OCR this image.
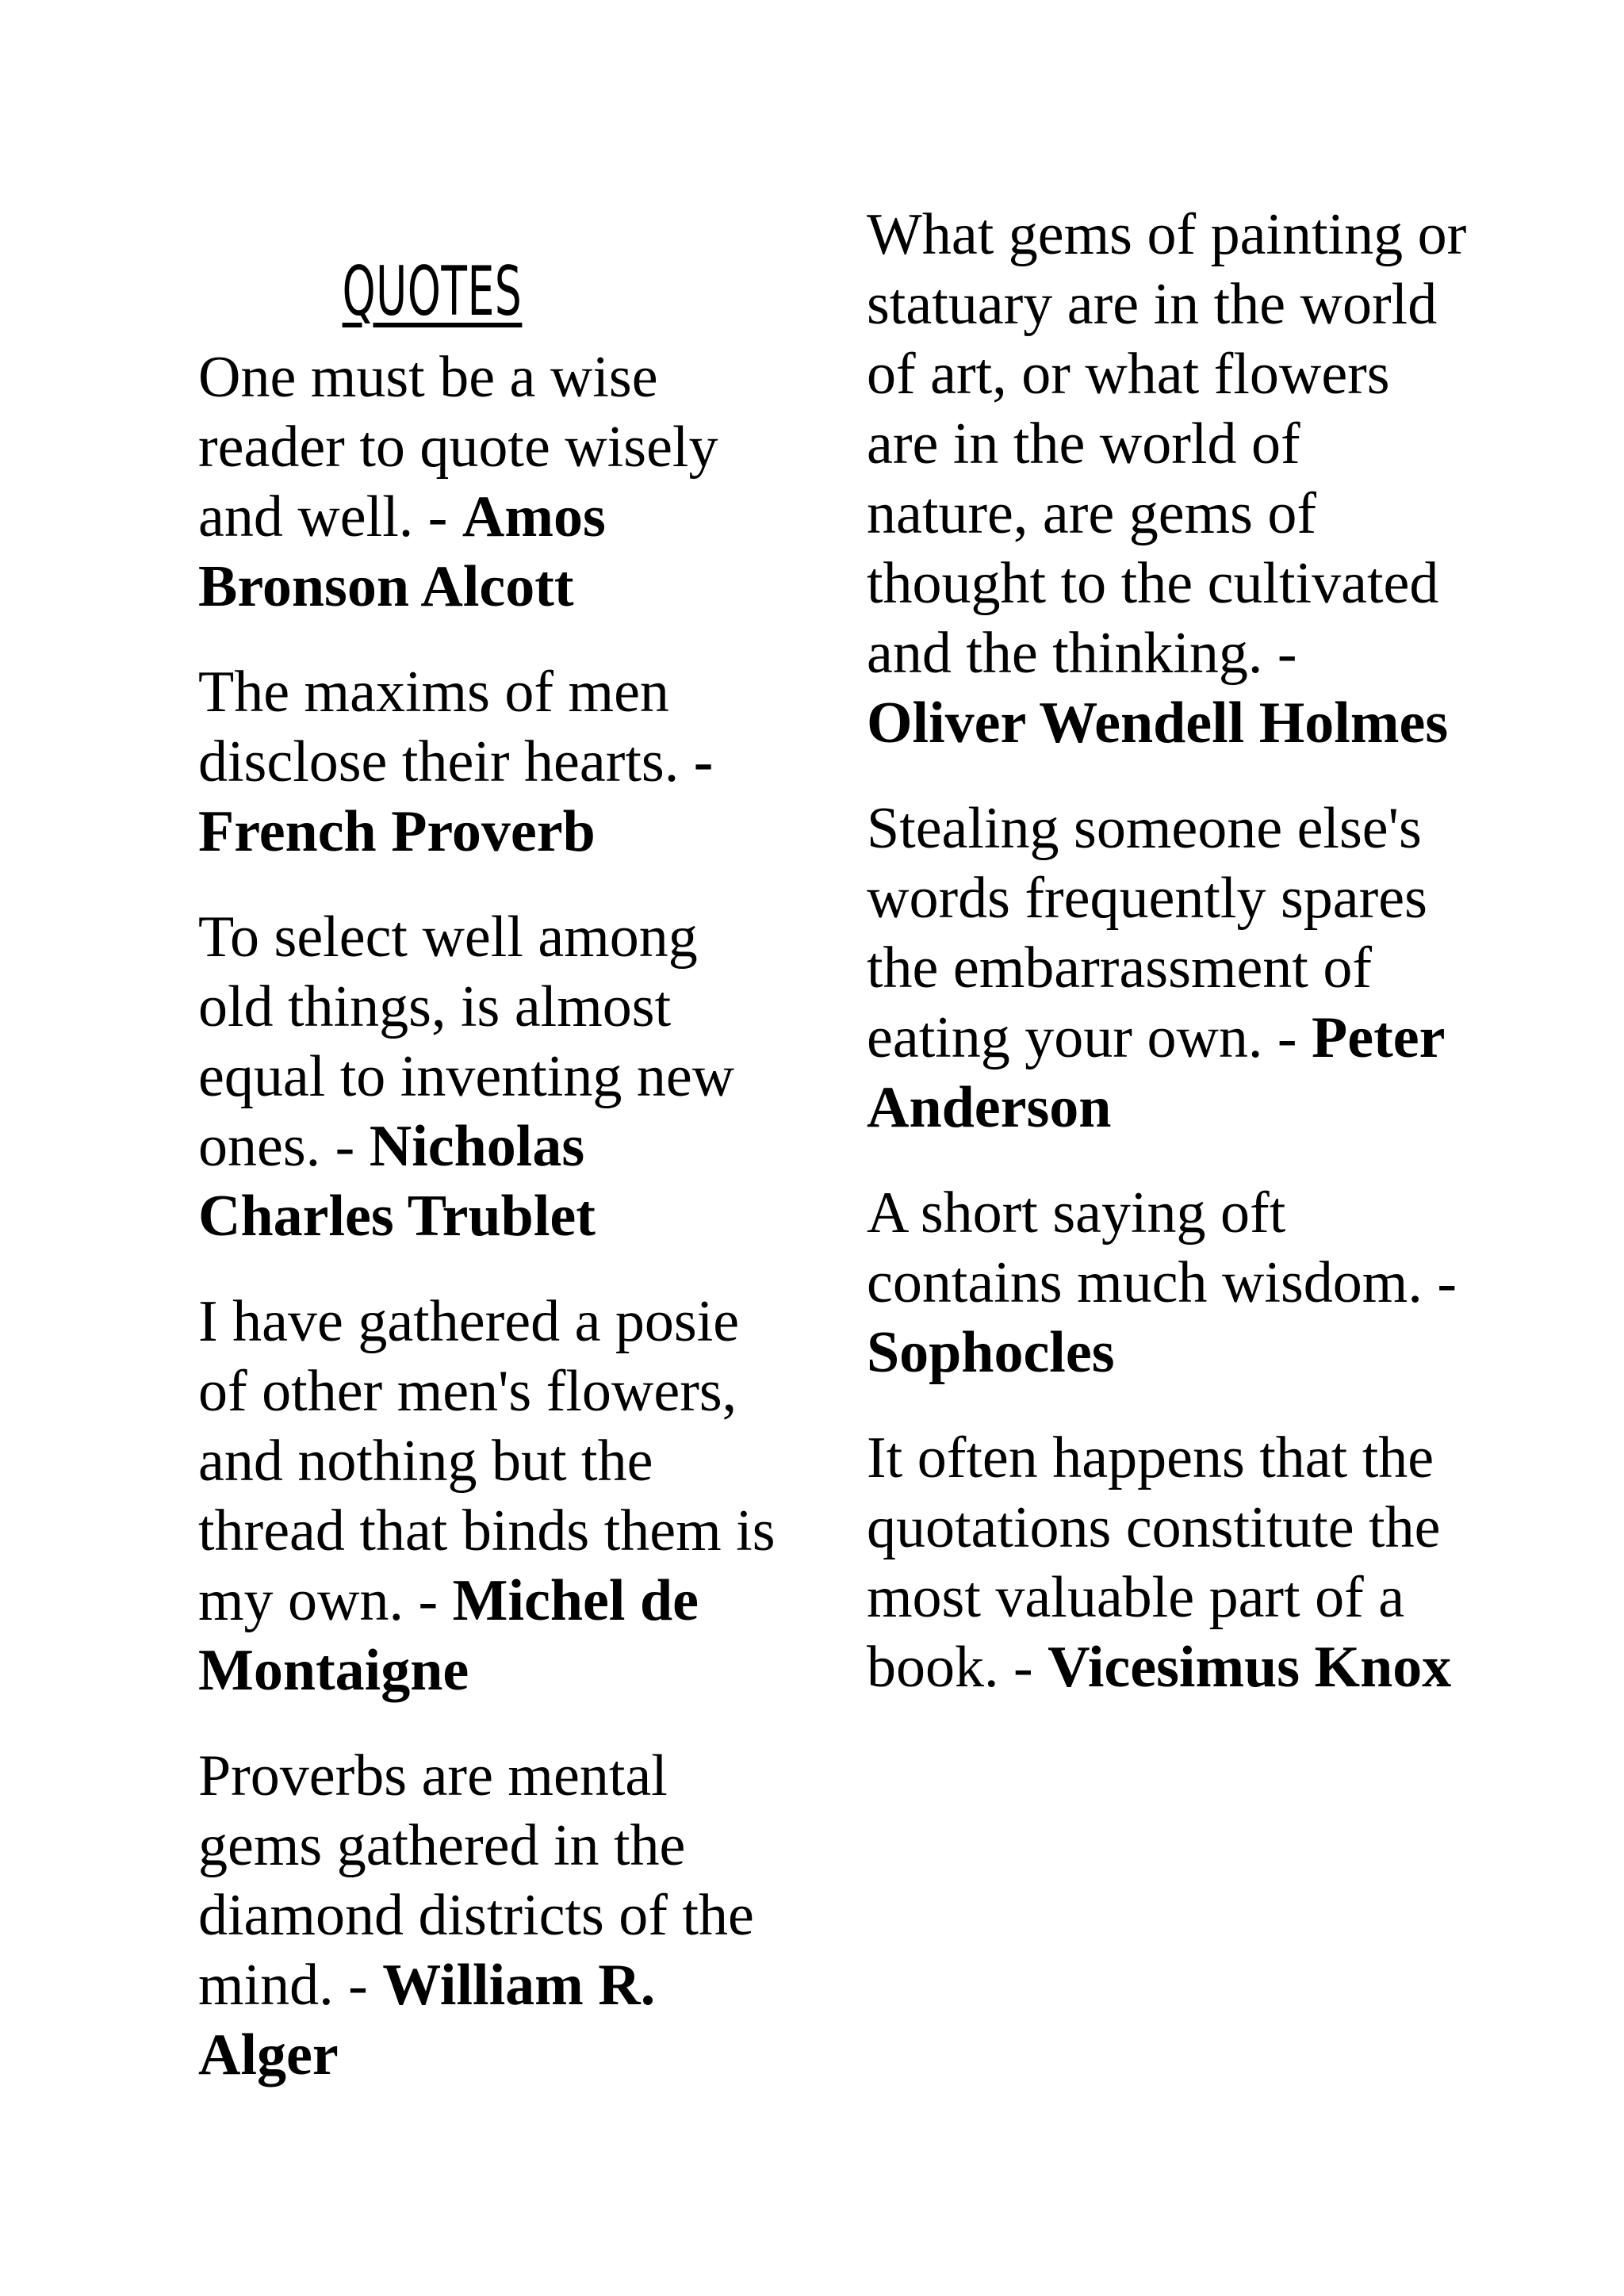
QUOTES

One must be a wise reader to quote wisely and well. - Amos Bronson Alcott

The maxims of men disclose their hearts. - French Proverb

To select well among old things, is almost equal to inventing new ones. - Nicholas Charles Trublet

I have gathered a posie of other men's flowers, and nothing but the thread that binds them is my own. - Michel de Montaigne

Proverbs are mental gems gathered in the diamond districts of the mind. - William R. Alger

What gems of painting or statuary are in the world of art, or what flowers are in the world of nature, are gems of thought to the cultivated and the thinking. - Oliver Wendell Holmes

Stealing someone else's words frequently spares the embarrassment of eating your own. - Peter Anderson

A short saying oft contains much wisdom. - Sophocles

It often happens that the quotations constitute the most valuable part of a book. - Vicesimus Knox
